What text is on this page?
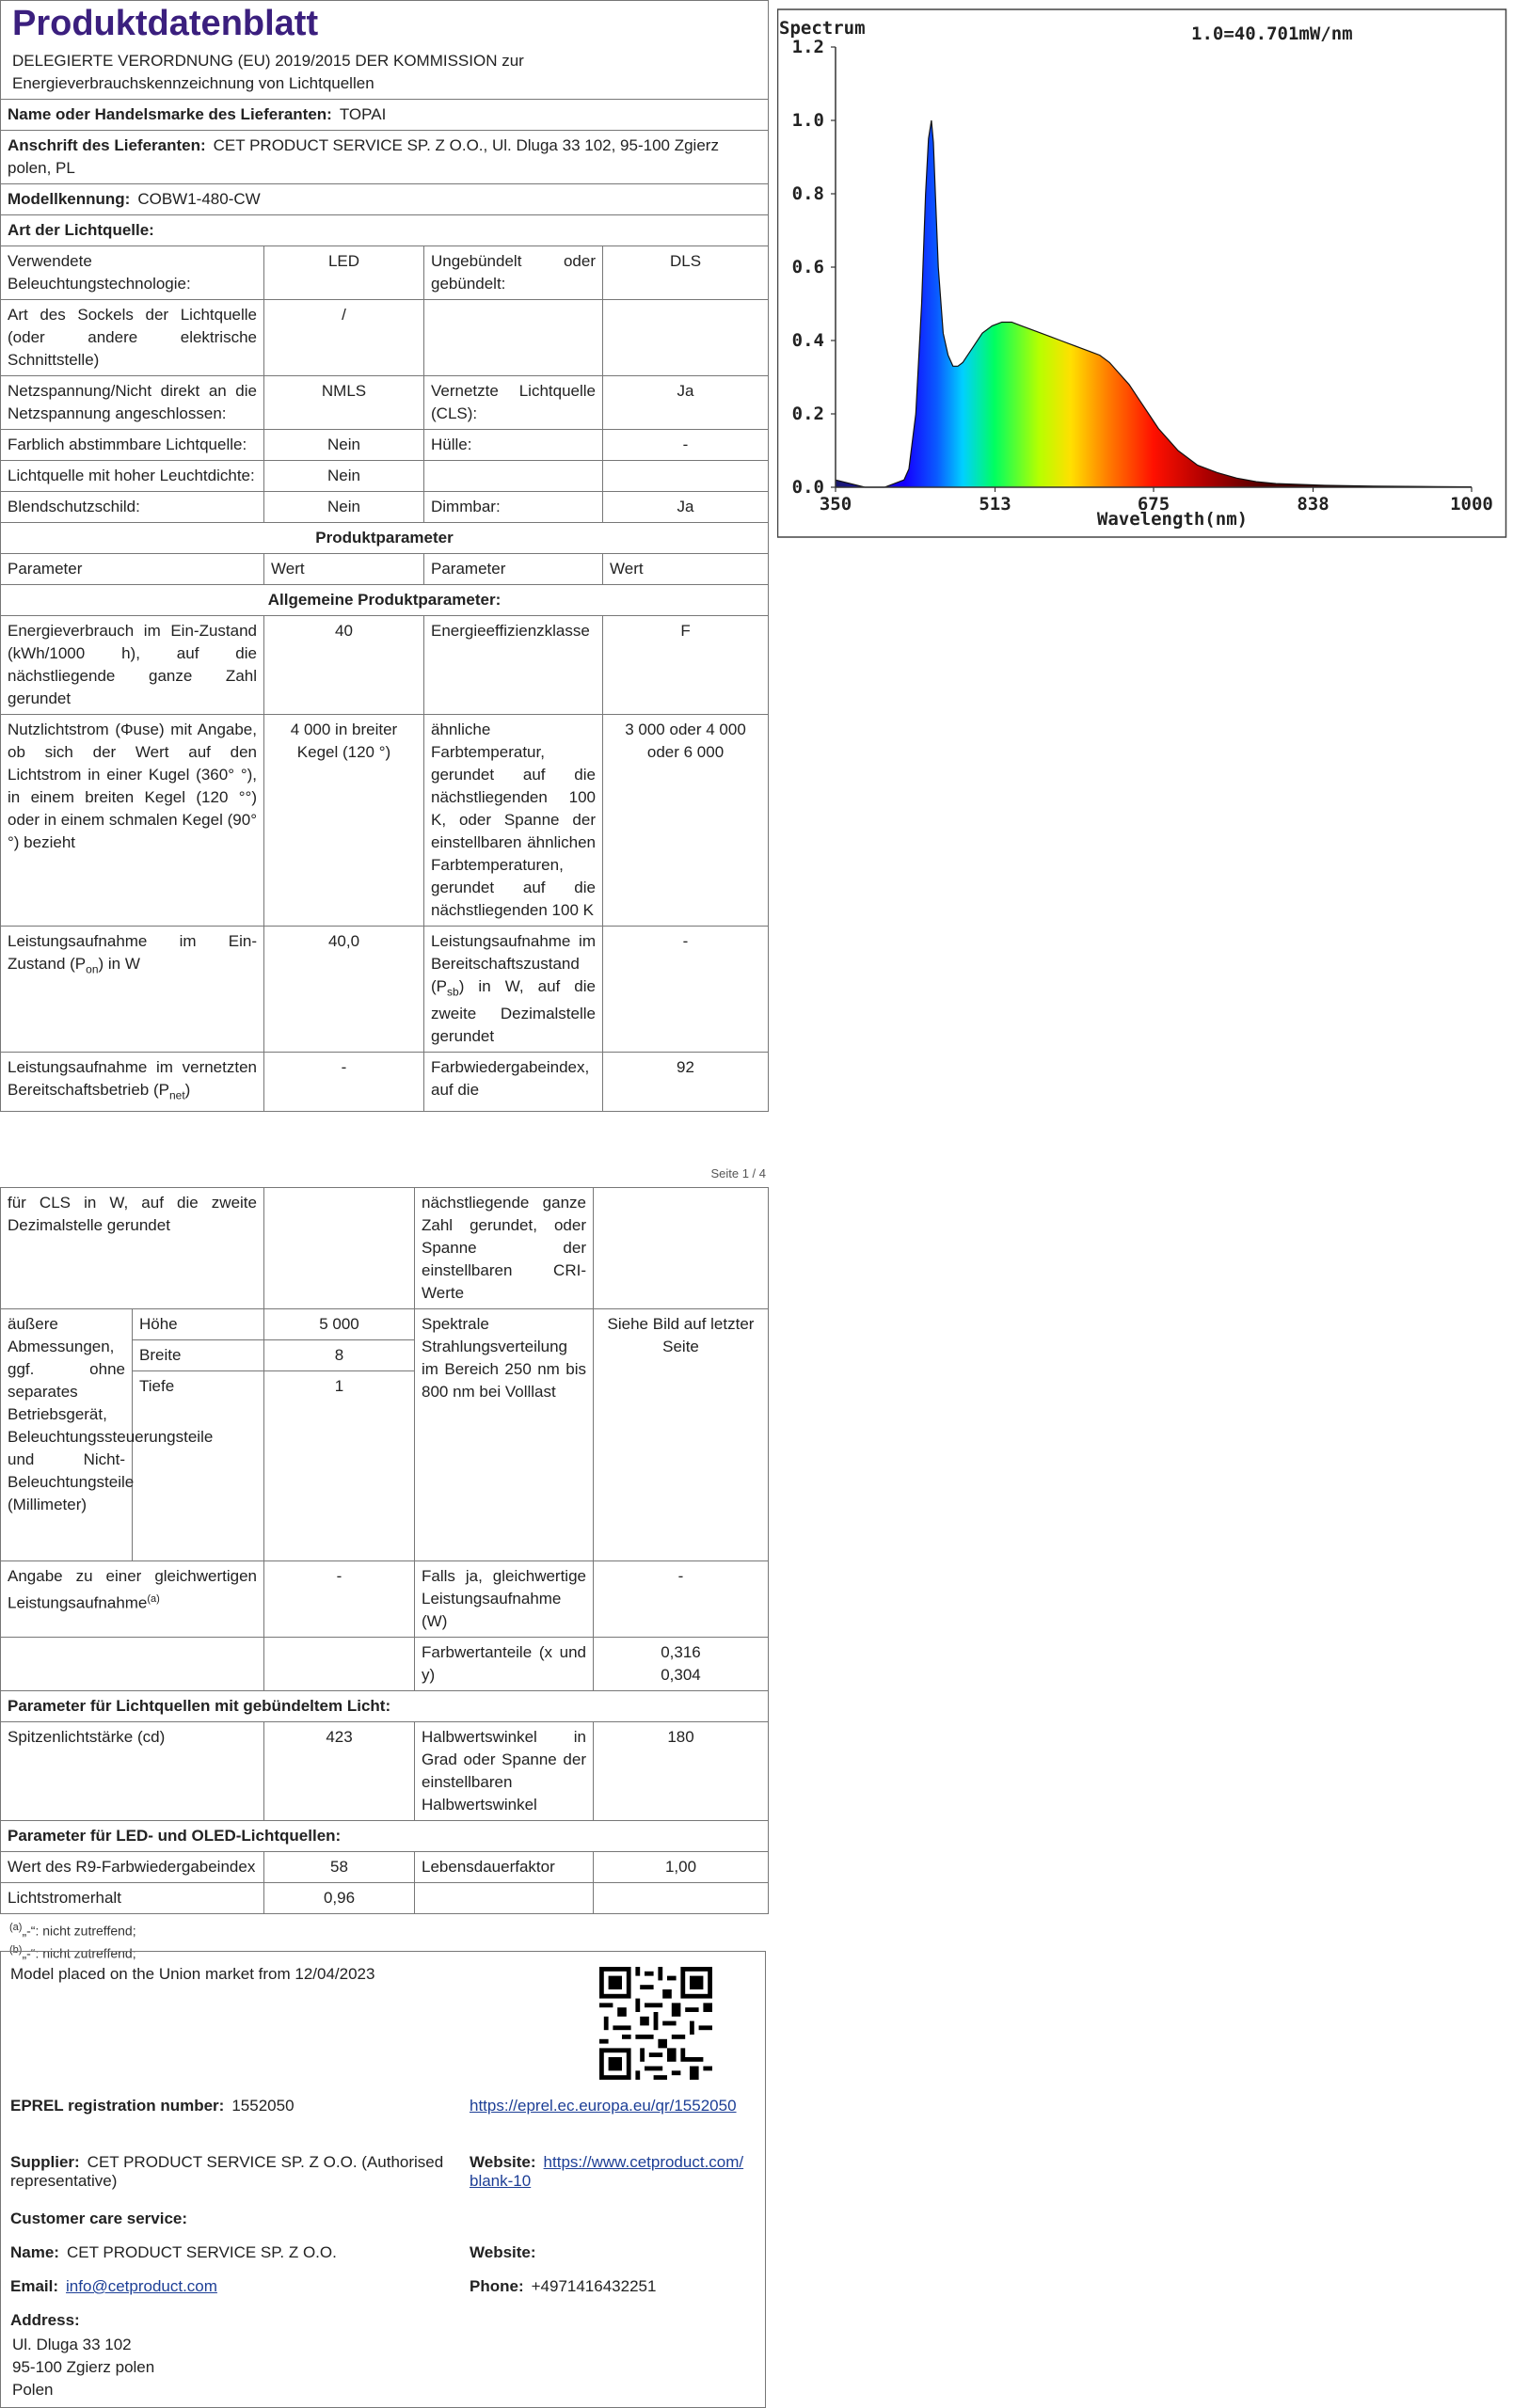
Produktdatenblatt
DELEGIERTE VERORDNUNG (EU) 2019/2015 DER KOMMISSION zur Energieverbrauchskennzeichnung von Lichtquellen			

Name oder Handelsmarke des Lieferanten: TOPAI			
Anschrift des Lieferanten: CET PRODUCT SERVICE SP. Z O.O., Ul. Dluga 33 102, 95-100 Zgierz polen, PL			
Modellkennung: COBW1-480-CW			
Art der Lichtquelle:			
Verwendete Beleuchtungstechnologie:	LED	Ungebündelt oder gebündelt:	DLS
Art des Sockels der Lichtquelle (oder andere elektrische Schnittstelle)	/		
Netzspannung/Nicht direkt an die Netzspannung angeschlossen:	NMLS	Vernetzte Lichtquelle (CLS):	Ja
Farblich abstimmbare Lichtquelle:	Nein	Hülle:	-
Lichtquelle mit hoher Leuchtdichte:	Nein		
Blendschutzschild:	Nein	Dimmbar:	Ja
Produktparameter			
Parameter	Wert	Parameter	Wert
Allgemeine Produktparameter:			
Energieverbrauch im Ein-Zustand (kWh/1000 h), auf die nächstliegende ganze Zahl gerundet	40	Energieeffizienzklasse	F
Nutzlichtstrom (Φuse) mit Angabe, ob sich der Wert auf den Lichtstrom in einer Kugel (360° °), in einem breiten Kegel (120 °°) oder in einem schmalen Kegel (90° °) bezieht	4 000 in breiter Kegel (120 °)	ähnliche Farbtemperatur, gerundet auf die nächstliegenden 100 K, oder Spanne der einstellbaren ähnlichen Farbtemperaturen, gerundet auf die nächstliegenden 100 K	3 000 oder 4 000 oder 6 000
Leistungsaufnahme im Ein-Zustand $(P_{on})$ in W	40,0	Leistungsaufnahme im Bereitschaftszustand $(P_{sb})$ in W, auf die zweite Dezimalstelle gerundet	-
Leistungsaufnahme im vernetzten Bereitschaftsbetrieb $(P_{net})$	-	Farbwiedergabeindex, auf die	92
Seite 1 / 4
für CLS in W, auf die zweite Dezimalstelle gerundet			nächstliegende ganze Zahl gerundet, oder Spanne der einstellbaren CRI-Werte	
äußere Abmessungen, ggf. ohne separates Betriebsgerät, Beleuchtungssteuerungsteile und Nicht-Beleuchtungsteile (Millimeter)	Höhe	5 000	Spektrale Strahlungsverteilung im Bereich 250 nm bis 800 nm bei Volllast	Siehe Bild auf letzter Seite
	Breite	8		
	Tiefe	1		
Angabe zu einer gleichwertigen Leistungsaufnahme$^{(a)}$		-	Falls ja, gleichwertige Leistungsaufnahme (W)	-
			Farbwertanteile (x und y)	0,316 0,304
Parameter für Lichtquellen mit gebündeltem Licht:				
Spitzenlichtstärke (cd)		423	Halbwertswinkel in Grad oder Spanne der einstellbaren Halbwertswinkel	180
Parameter für LED- und OLED-Lichtquellen:				
Wert des R9-Farbwiedergabeindex		58	Lebensdauerfaktor	1,00
Lichtstromerhalt		0,96		
$^{(a)}$„-“: nicht zutreffend;
$^{(b)}$„-“: nicht zutreffend;
Model placed on the Union market from 12/04/2023
EPREL registration number: 1552050	https://eprel.ec.europa.eu/qr/1552050
Supplier: CET PRODUCT SERVICE SP. Z O.O. (Authorised representative)
Website: https://www.cetproduct.com/blank-10
Customer care service:
Name: CET PRODUCT SERVICE SP. Z O.O.	Website:
Email: info@cetproduct.com	Phone: +4971416432251
Address:
Ul. Dluga 33 102
95-100 Zgierz polen
Polen
Spectrum	1.0=40.701mW/nm
0.0
0.2
0.4
0.6
0.8
1.0
1.2
350	513	675	838	1000
Wavelength(nm)
